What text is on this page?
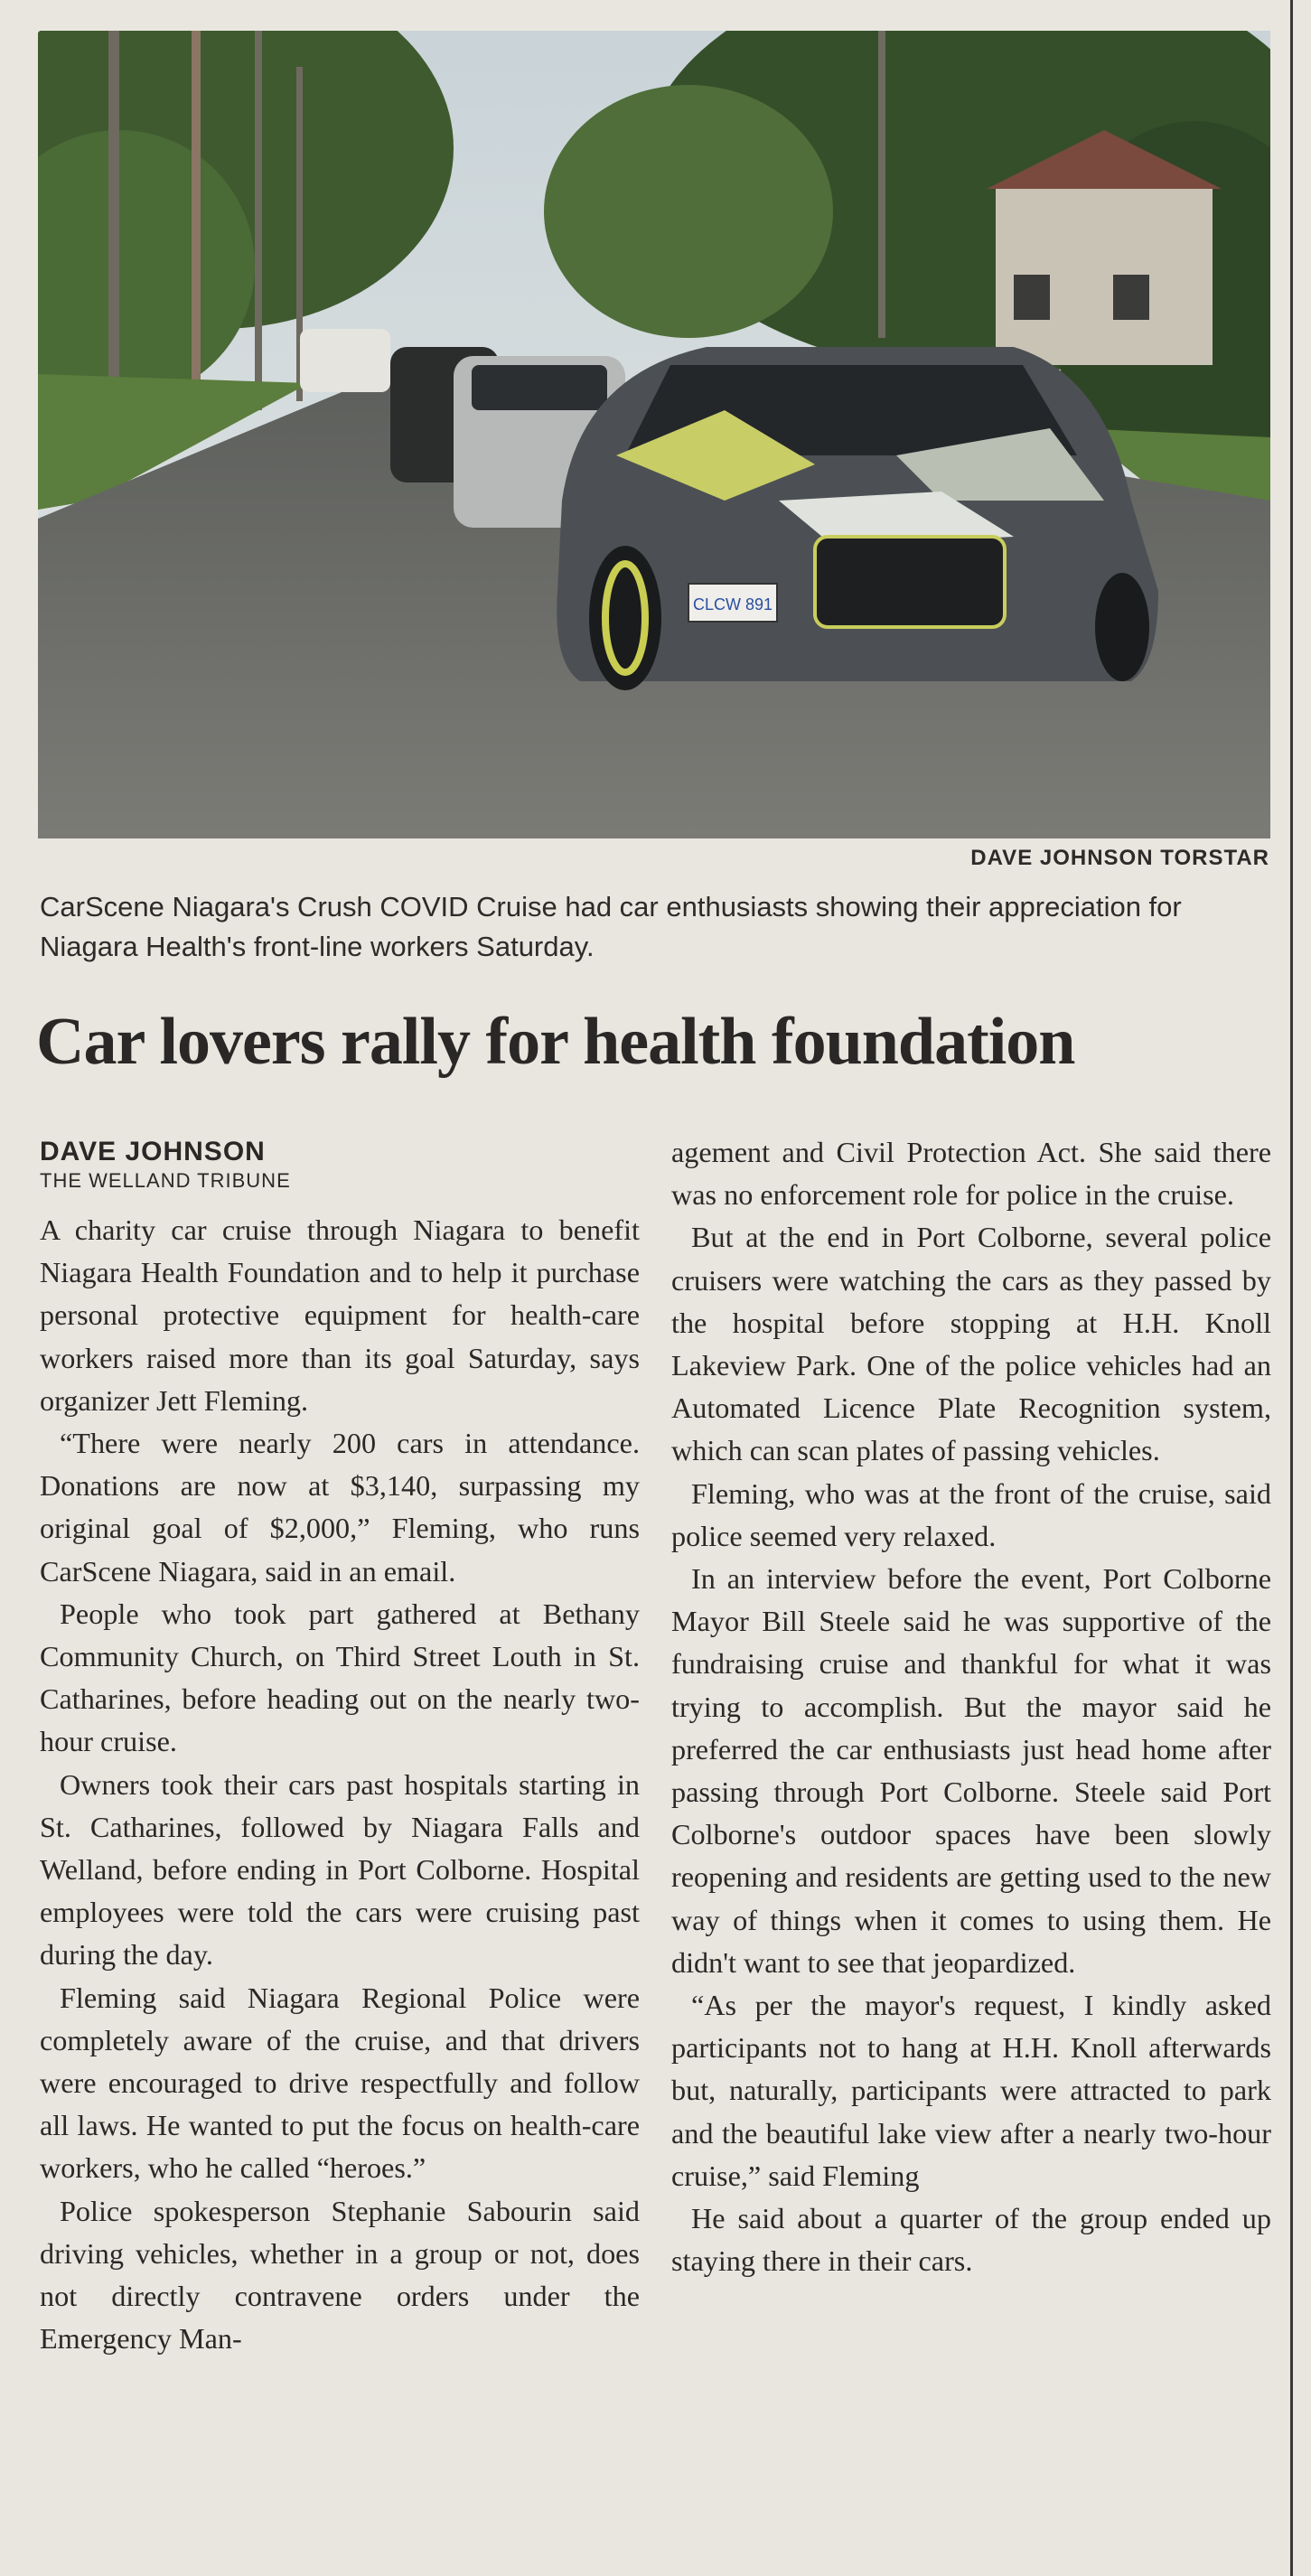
CLCW 891
DAVE JOHNSON TORSTAR
CarScene Niagara's Crush COVID Cruise had car enthusiasts showing their appreciation for Niagara Health's front-line workers Saturday.
Car lovers rally for health foundation
DAVE JOHNSON
THE WELLAND TRIBUNE

A charity car cruise through Niagara to benefit Niagara Health Foundation and to help it purchase personal protective equipment for health-care workers raised more than its goal Saturday, says organizer Jett Fleming.

“There were nearly 200 cars in attendance. Donations are now at $3,140, surpassing my original goal of $2,000,” Fleming, who runs CarScene Niagara, said in an email.

People who took part gathered at Bethany Community Church, on Third Street Louth in St. Catharines, before heading out on the nearly two-hour cruise.

Owners took their cars past hospitals starting in St. Catharines, followed by Niagara Falls and Welland, before ending in Port Colborne. Hospital employees were told the cars were cruising past during the day.

Fleming said Niagara Regional Police were completely aware of the cruise, and that drivers were encouraged to drive respectfully and follow all laws. He wanted to put the focus on health-care workers, who he called “heroes.”

Police spokesperson Stephanie Sabourin said driving vehicles, whether in a group or not, does not directly contravene orders under the Emergency Man-

agement and Civil Protection Act. She said there was no enforcement role for police in the cruise.

But at the end in Port Colborne, several police cruisers were watching the cars as they passed by the hospital before stopping at H.H. Knoll Lakeview Park. One of the police vehicles had an Automated Licence Plate Recognition system, which can scan plates of passing vehicles.

Fleming, who was at the front of the cruise, said police seemed very relaxed.

In an interview before the event, Port Colborne Mayor Bill Steele said he was supportive of the fundraising cruise and thankful for what it was trying to accomplish. But the mayor said he preferred the car enthusiasts just head home after passing through Port Colborne. Steele said Port Colborne's outdoor spaces have been slowly reopening and residents are getting used to the new way of things when it comes to using them. He didn't want to see that jeopardized.

“As per the mayor's request, I kindly asked participants not to hang at H.H. Knoll afterwards but, naturally, participants were attracted to park and the beautiful lake view after a nearly two-hour cruise,” said Fleming

He said about a quarter of the group ended up staying there in their cars.
